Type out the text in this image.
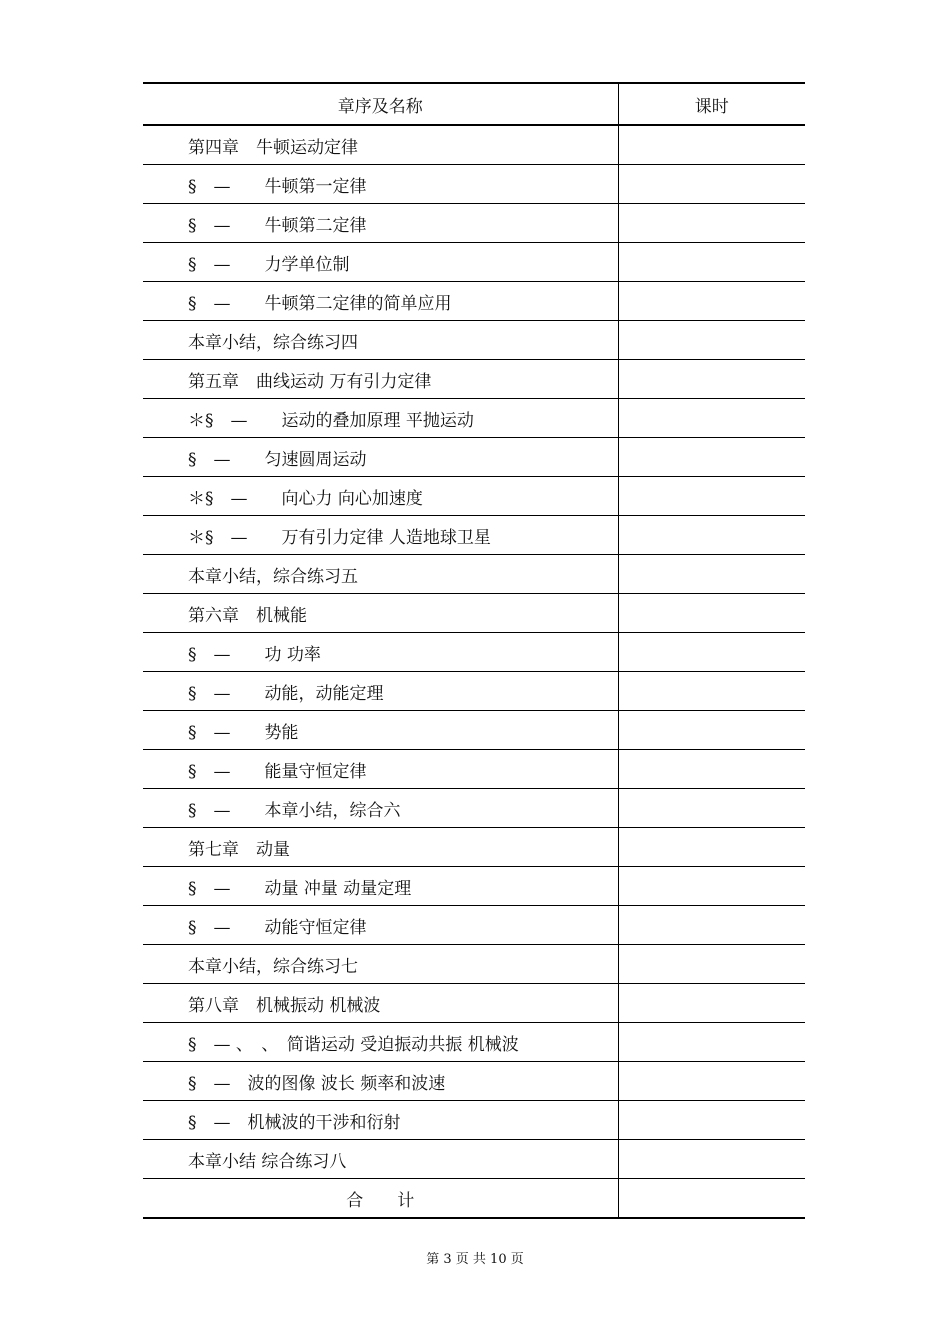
章序及名称	课时
第四章　牛顿运动定律	
§　—　　牛顿第一定律	
§　—　　牛顿第二定律	
§　—　　力学单位制	
§　—　　牛顿第二定律的简单应用	
本章小结，综合练习四	
第五章　曲线运动 万有引力定律	
＊§　—　　运动的叠加原理 平抛运动	
§　—　　匀速圆周运动	
＊§　—　　向心力 向心加速度	
＊§　—　　万有引力定律 人造地球卫星	
本章小结，综合练习五	
第六章　机械能	
§　—　　功 功率	
§　—　　动能，动能定理	
§　—　　势能	
§　—　　能量守恒定律	
§　—　　本章小结，综合六	
第七章　动量	
§　—　　动量 冲量 动量定理	
§　—　　动能守恒定律	
本章小结，综合练习七	
第八章　机械振动 机械波	
§　— 、　、　简谐运动 受迫振动共振 机械波	
§　—　波的图像 波长 频率和波速	
§　—　机械波的干涉和衍射	
本章小结 综合练习八	
合　　计	
第 3 页 共 10 页
